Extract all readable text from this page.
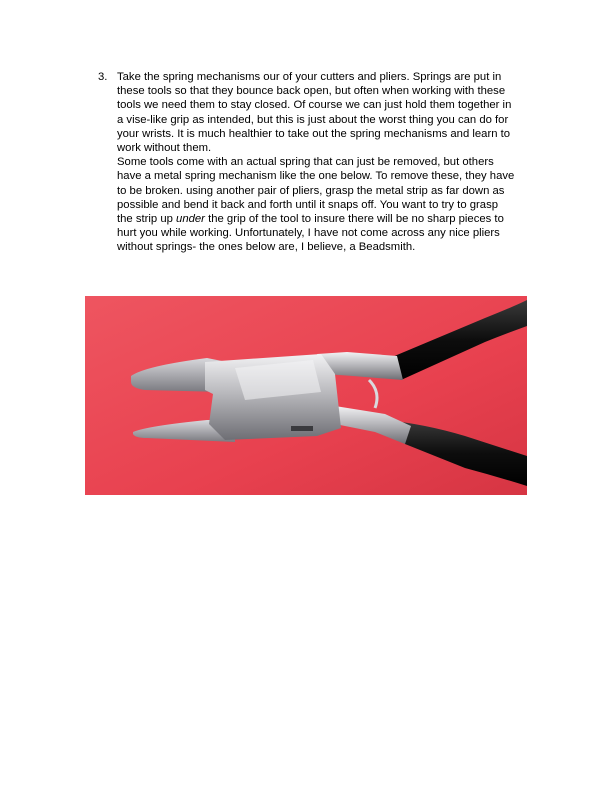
3. Take the spring mechanisms our of your cutters and pliers. Springs are put in
these tools so that they bounce back open, but often when working with these
tools we need them to stay closed. Of course we can just hold them together in
a vise-like grip as intended, but this is just about the worst thing you can do for
your wrists. It is much healthier to take out the spring mechanisms and learn to
work without them.
Some tools come with an actual spring that can just be removed, but others
have a metal spring mechanism like the one below. To remove these, they have
to be broken. using another pair of pliers, grasp the metal strip as far down as
possible and bend it back and forth until it snaps off. You want to try to grasp
the strip up under the grip of the tool to insure there will be no sharp pieces to
hurt you while working. Unfortunately, I have not come across any nice pliers
without springs- the ones below are, I believe, a Beadsmith.
